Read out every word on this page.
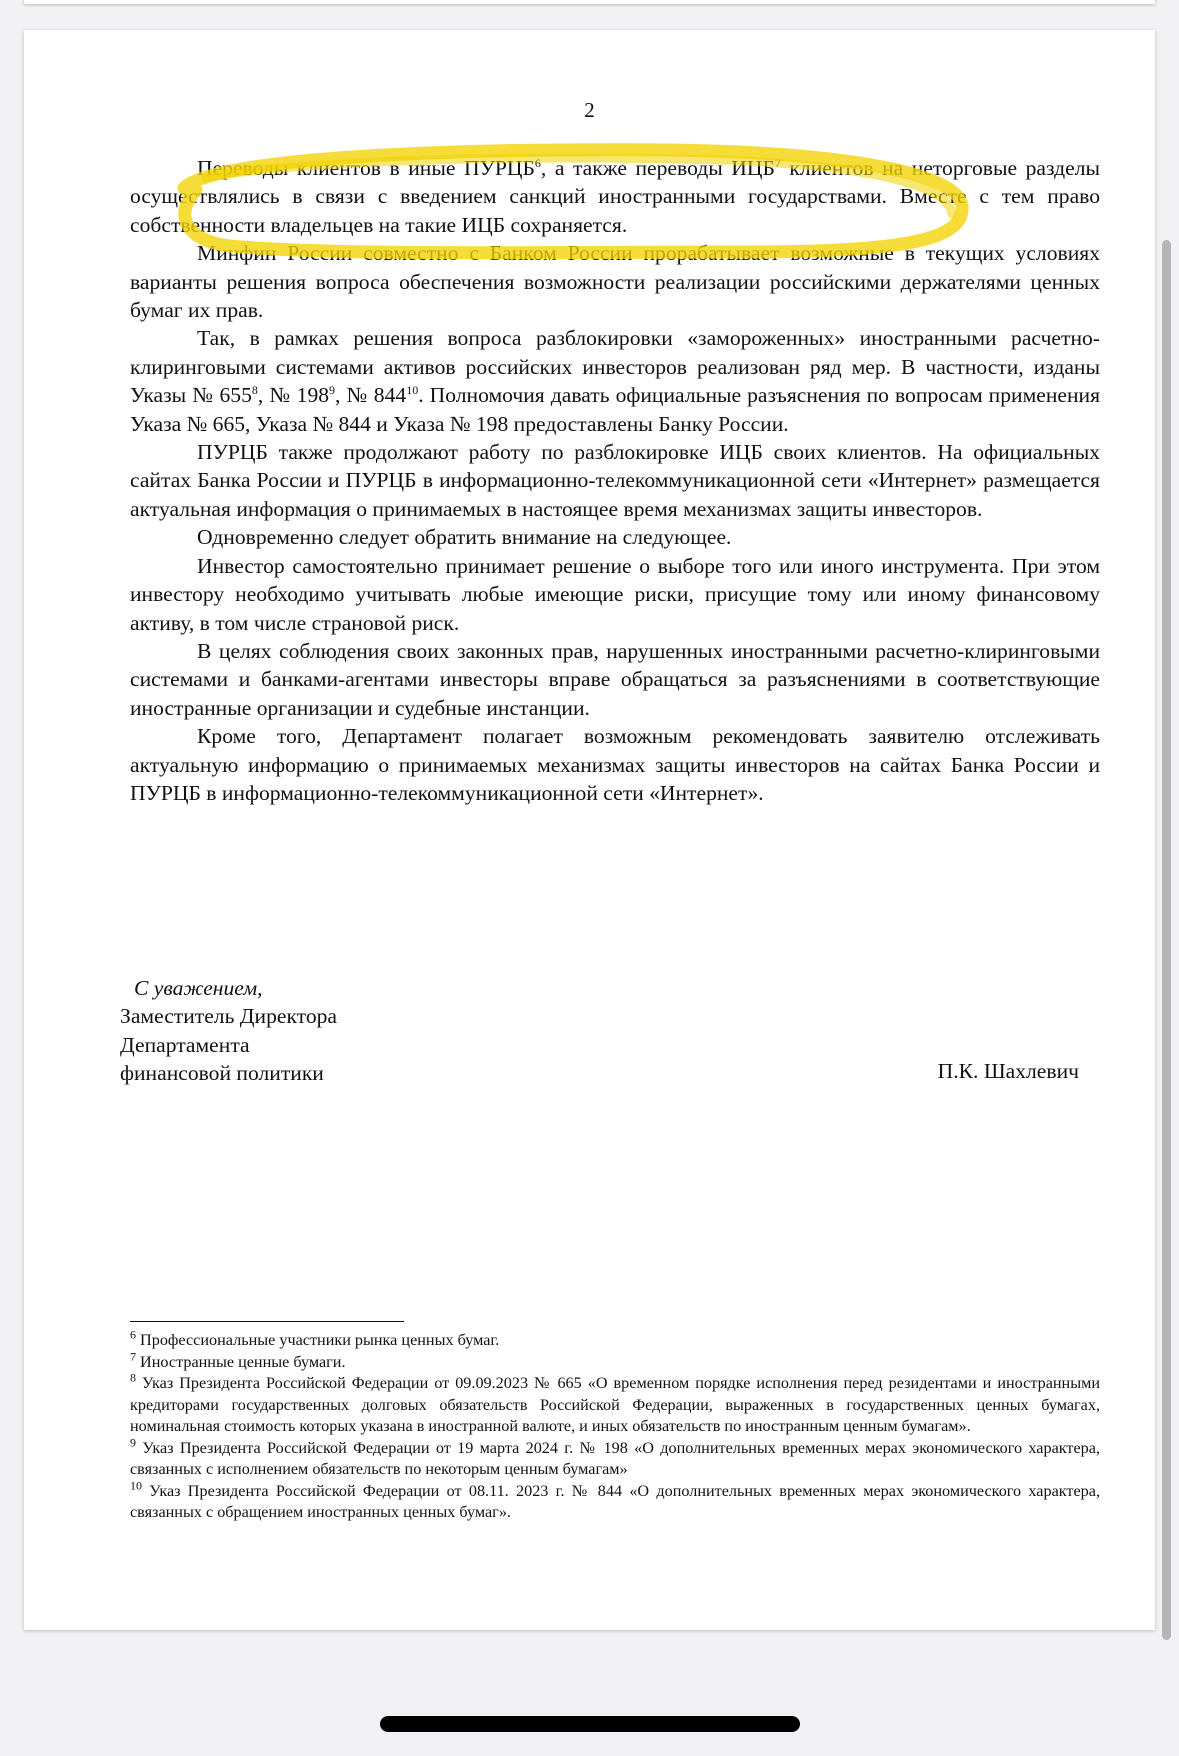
2

Переводы клиентов в иные ПУРЦБ$^6$, а также переводы ИЦБ$^7$ клиентов на неторговые разделы осуществлялись в связи с введением санкций иностранными государствами. Вместе с тем право собственности владельцев на такие ИЦБ сохраняется.

Минфин России совместно с Банком России прорабатывает возможные в текущих условиях варианты решения вопроса обеспечения возможности реализации российскими держателями ценных бумаг их прав.

Так, в рамках решения вопроса разблокировки «замороженных» иностранными расчетно-клиринговыми системами активов российских инвесторов реализован ряд мер. В частности, изданы Указы № $655^8$, № $198^9$, № $844^{10}$. Полномочия давать официальные разъяснения по вопросам применения Указа № 665, Указа № 844 и Указа № 198 предоставлены Банку России.

ПУРЦБ также продолжают работу по разблокировке ИЦБ своих клиентов. На официальных сайтах Банка России и ПУРЦБ в информационно-телекоммуникационной сети «Интернет» размещается актуальная информация о принимаемых в настоящее время механизмах защиты инвесторов.

Одновременно следует обратить внимание на следующее.

Инвестор самостоятельно принимает решение о выборе того или иного инструмента. При этом инвестору необходимо учитывать любые имеющие риски, присущие тому или иному финансовому активу, в том числе страновой риск.

В целях соблюдения своих законных прав, нарушенных иностранными расчетно-клиринговыми системами и банками-агентами инвесторы вправе обращаться за разъяснениями в соответствующие иностранные организации и судебные инстанции.

Кроме того, Департамент полагает возможным рекомендовать заявителю отслеживать актуальную информацию о принимаемых механизмах защиты инвесторов на сайтах Банка России и ПУРЦБ в информационно-телекоммуникационной сети «Интернет».

С уважением,
Заместитель Директора
Департамента
финансовой политики	П.К. Шахлевич

$^6$ Профессиональные участники рынка ценных бумаг.

$^7$ Иностранные ценные бумаги.

$^8$ Указ Президента Российской Федерации от 09.09.2023 № 665 «О временном порядке исполнения перед резидентами и иностранными кредиторами государственных долговых обязательств Российской Федерации, выраженных в государственных ценных бумагах, номинальная стоимость которых указана в иностранной валюте, и иных обязательств по иностранным ценным бумагам».

$^9$ Указ Президента Российской Федерации от 19 марта 2024 г. № 198 «О дополнительных временных мерах экономического характера, связанных с исполнением обязательств по некоторым ценным бумагам»

$^{10}$ Указ Президента Российской Федерации от 08.11. 2023 г. № 844 «О дополнительных временных мерах экономического характера, связанных с обращением иностранных ценных бумаг».
